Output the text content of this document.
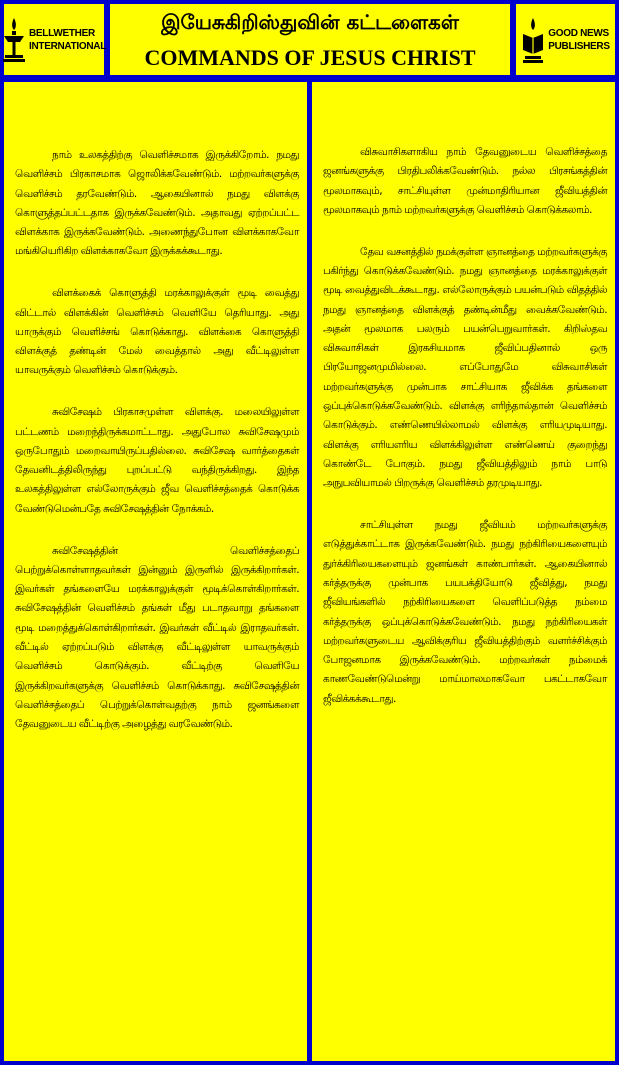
BELLWETHER
INTERNATIONAL
இயேசுகிறிஸ்துவின் கட்டளைகள்
COMMANDS OF JESUS CHRIST
GOOD NEWS
PUBLISHERS

நாம் உலகத்திற்கு வெளிச்சமாக இருக்கிறோம். நமது வெளிச்சம் பிரகாசமாக ஜொலிக்கவேண்டும். மற்றவர்களுக்கு வெளிச்சம் தரவேண்டும். ஆகையினால் நமது விளக்கு கொளுத்தப்பட்டதாக இருக்கவேண்டும். அதாவது ஏற்றப்பட்ட விளக்காக இருக்கவேண்டும். அணைந்துபோன விளக்காகவோ மங்கியெரிகிற விளக்காகவோ இருக்கக்கூடாது.

விளக்கைக் கொளுத்தி மரக்காலுக்குள் மூடி வைத்து விட்டால் விளக்கின் வெளிச்சம் வெளியே தெரியாது. அது யாருக்கும் வெளிச்சங் கொடுக்காது. விளக்கை கொளுத்தி விளக்குத் தண்டின் மேல் வைத்தால் அது வீட்டிலுள்ள யாவருக்கும் வெளிச்சம் கொடுக்கும்.

சுவிசேஷம் பிரகாசமுள்ள விளக்கு. மலையிலுள்ள பட்டணம் மறைந்திருக்கமாட்டாது. அதுபோல சுவிசேஷமும் ஒருபோதும் மறைவாயிருப்பதில்லை. சுவிசேஷ வார்த்தைகள் தேவனிடத்திலிருந்து புறப்பட்டு வந்திருக்கிறது. இந்த உலகத்திலுள்ள எல்லோருக்கும் ஜீவ வெளிச்சத்தைக் கொடுக்க வேண்டுமென்பதே சுவிசேஷத்தின் நோக்கம்.

சுவிசேஷத்தின் வெளிச்சத்தைப் பெற்றுக்கொள்ளாதவர்கள் இன்னும் இருளில் இருக்கிறார்கள். இவர்கள் தங்களையே மரக்காலுக்குள் மூடிக்கொள்கிறார்கள். சுவிசேஷத்தின் வெளிச்சம் தங்கள் மீது படாதவாறு தங்களை மூடி மறைத்துக்கொள்கிறார்கள். இவர்கள் வீட்டில் இராதவர்கள். வீட்டில் ஏற்றப்படும் விளக்கு வீட்டிலுள்ள யாவருக்கும் வெளிச்சம் கொடுக்கும். வீட்டிற்கு வெளியே இருக்கிறவர்களுக்கு வெளிச்சம் கொடுக்காது. சுவிசேஷத்தின் வெளிச்சத்தைப் பெற்றுக்கொள்வதற்கு நாம் ஜனங்களை தேவனுடைய வீட்டிற்கு அழைத்து வரவேண்டும்.

விசுவாசிகளாகிய நாம் தேவனுடைய வெளிச்சத்தை ஜனங்களுக்கு பிரதிபலிக்கவேண்டும். நல்ல பிரசங்கத்தின் மூலமாகவும், சாட்சியுள்ள முன்மாதிரியான ஜீவியத்தின் மூலமாகவும் நாம் மற்றவர்களுக்கு வெளிச்சம் கொடுக்கலாம்.

தேவ வசனத்தில் நமக்குள்ள ஞானத்தை மற்றவர்களுக்கு பகிர்ந்து கொடுக்கவேண்டும். நமது ஞானத்தை மரக்காலுக்குள் மூடி வைத்துவிடக்கூடாது. எல்லோருக்கும் பயன்படும் விதத்தில் நமது ஞானத்தை விளக்குத் தண்டின்மீது வைக்கவேண்டும். அதன் மூலமாக பலரும் பயன்பெறுவார்கள். கிறிஸ்தவ விசுவாசிகள் இரகசியமாக ஜீவிப்பதினால் ஒரு பிரயோஜனமுமில்லை. எப்போதுமே விசுவாசிகள் மற்றவர்களுக்கு முன்பாக சாட்சியாக ஜீவிக்க தங்களை ஒப்புக்கொடுக்கவேண்டும். விளக்கு எரிந்தால்தான் வெளிச்சம் கொடுக்கும். எண்ணெயில்லாமல் விளக்கு எரியமுடியாது. விளக்கு எரியஎரிய விளக்கிலுள்ள எண்ணெய் குறைந்து கொண்டே போகும். நமது ஜீவியத்திலும் நாம் பாடு அநுபவியாமல் பிறருக்கு வெளிச்சம் தரமுடியாது.

சாட்சியுள்ள நமது ஜீவியம் மற்றவர்களுக்கு எடுத்துக்காட்டாக இருக்கவேண்டும். நமது நற்கிரியைகளையும் துர்க்கிரியைகளையும் ஜனங்கள் காண்பார்கள். ஆகையினால் கர்த்தருக்கு முன்பாக பயபக்தியோடு ஜீவித்து, நமது ஜீவியங்களில் நற்கிரியைகளை வெளிப்படுத்த நம்மை கர்த்தருக்கு ஒப்புக்கொடுக்கவேண்டும். நமது நற்கிரியைகள் மற்றவர்களுடைய ஆவிக்குரிய ஜீவியத்திற்கும் வளர்ச்சிக்கும் போஜனமாக இருக்கவேண்டும். மற்றவர்கள் நம்மைக் காணவேண்டுமென்று மாய்மாலமாகவோ பகட்டாகவோ ஜீவிக்கக்கூடாது.
